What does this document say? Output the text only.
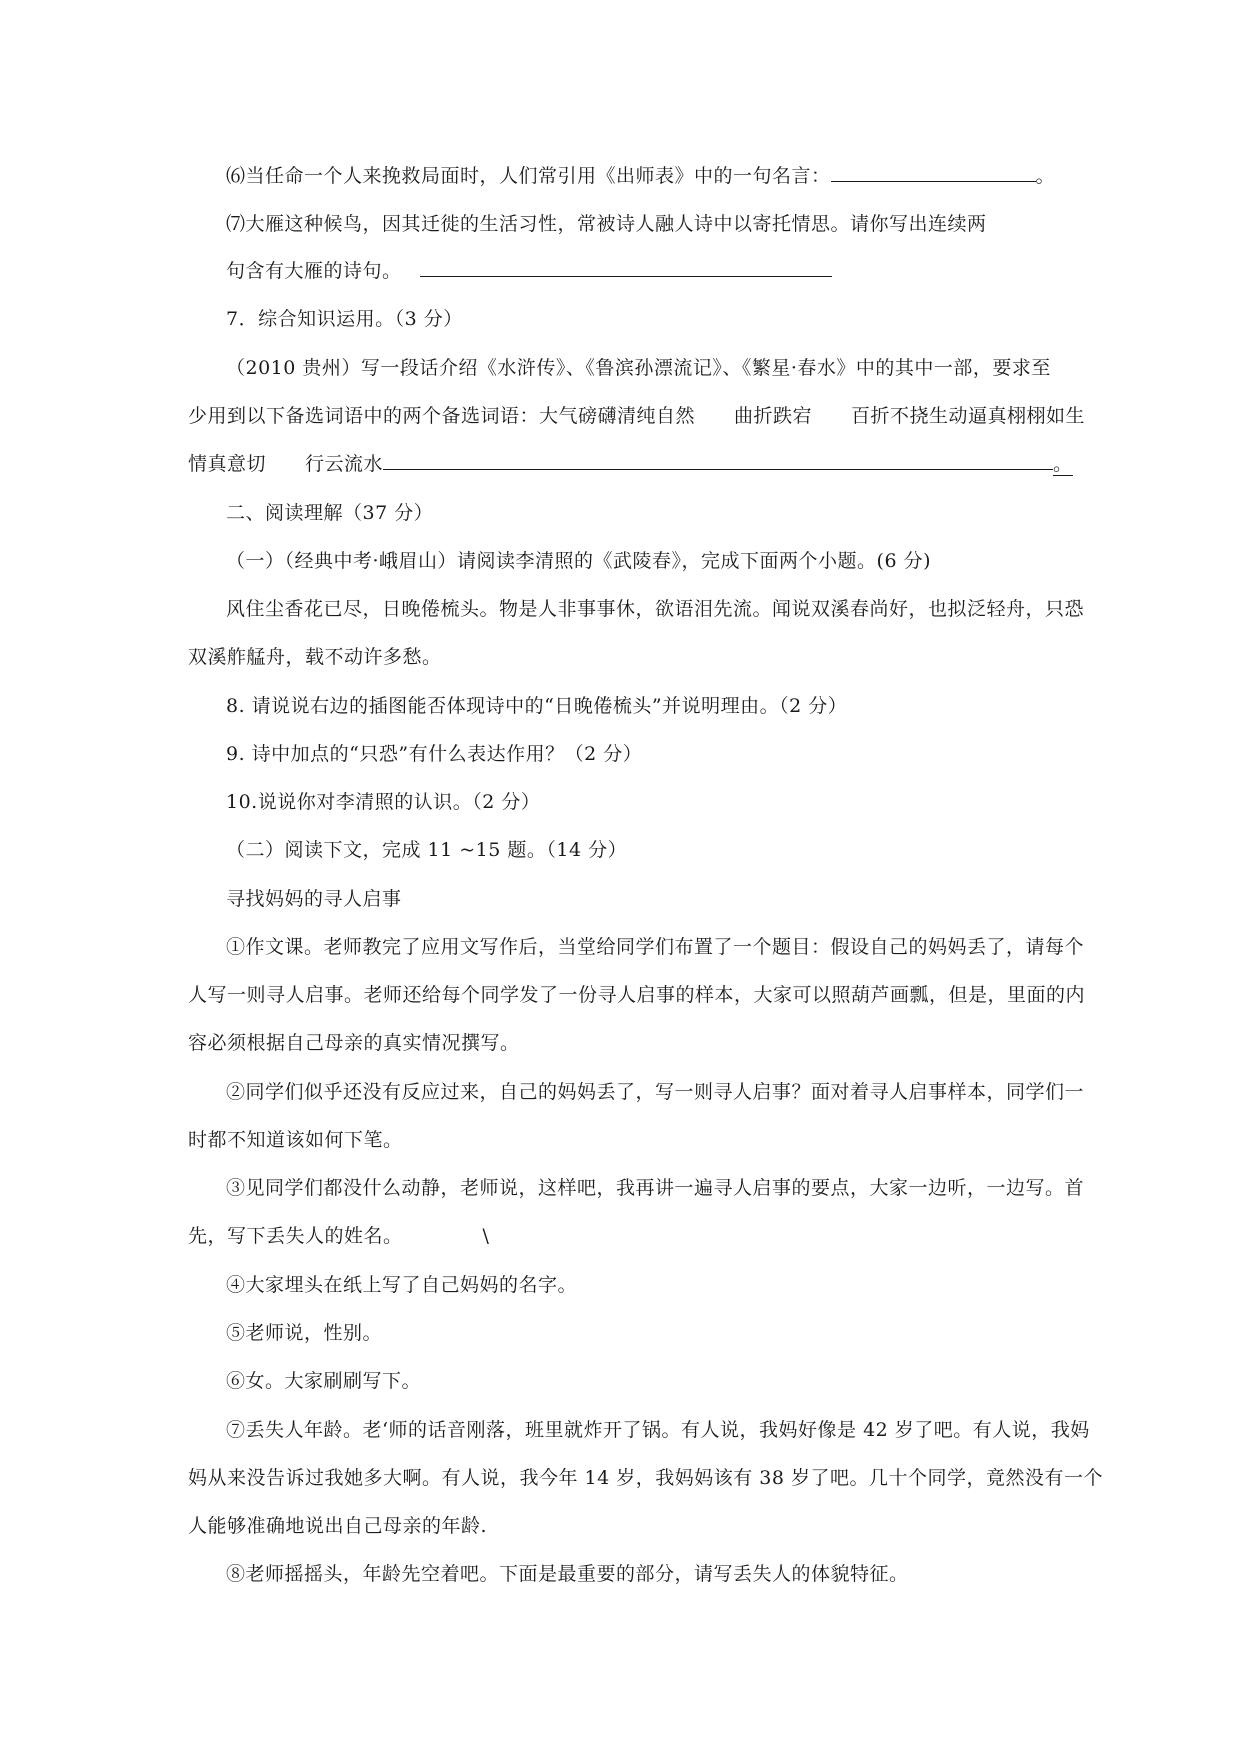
⑹当任命一个人来挽救局面时，人们常引用《出师表》中的一句名言：	。
⑺大雁这种候鸟，因其迁徙的生活习性，常被诗人融人诗中以寄托情思。请你写出连续两
句含有大雁的诗句。
7．综合知识运用。（3 分）
（2010 贵州）写一段话介绍《水浒传》、《鲁滨孙漂流记》、《繁星·春水》中的其中一部，要求至
少用到以下备选词语中的两个备选词语：大气磅礴清纯自然　　曲折跌宕　　百折不挠生动逼真栩栩如生
情真意切　　行云流水	。
二、阅读理解（37 分）
（一）（经典中考·峨眉山）请阅读李清照的《武陵春》，完成下面两个小题。(6 分)
风住尘香花已尽，日晚倦梳头。物是人非事事休，欲语泪先流。闻说双溪春尚好，也拟泛轻舟，只恐
双溪舴艋舟，载不动许多愁。
8. 请说说右边的插图能否体现诗中的“日晚倦梳头”并说明理由。（2 分）
9. 诗中加点的“只恐”有什么表达作用？（2 分）
10.说说你对李清照的认识。（2 分）
（二）阅读下文，完成 11 ~15 题。（14 分）
寻找妈妈的寻人启事
①作文课。老师教完了应用文写作后，当堂给同学们布置了一个题目：假设自己的妈妈丢了，请每个
人写一则寻人启事。老师还给每个同学发了一份寻人启事的样本，大家可以照葫芦画瓢，但是，里面的内
容必须根据自己母亲的真实情况撰写。
②同学们似乎还没有反应过来，自己的妈妈丢了，写一则寻人启事？面对着寻人启事样本，同学们一
时都不知道该如何下笔。
③见同学们都没什么动静，老师说，这样吧，我再讲一遍寻人启事的要点，大家一边听，一边写。首
先，写下丢失人的姓名。	\
④大家埋头在纸上写了自己妈妈的名字。
⑤老师说，性别。
⑥女。大家刷刷写下。
⑦丢失人年龄。老‘师的话音刚落，班里就炸开了锅。有人说，我妈好像是 42 岁了吧。有人说，我妈
妈从来没告诉过我她多大啊。有人说，我今年 14 岁，我妈妈该有 38 岁了吧。几十个同学，竟然没有一个
人能够准确地说出自己母亲的年龄.
⑧老师摇摇头，年龄先空着吧。下面是最重要的部分，请写丢失人的体貌特征。
